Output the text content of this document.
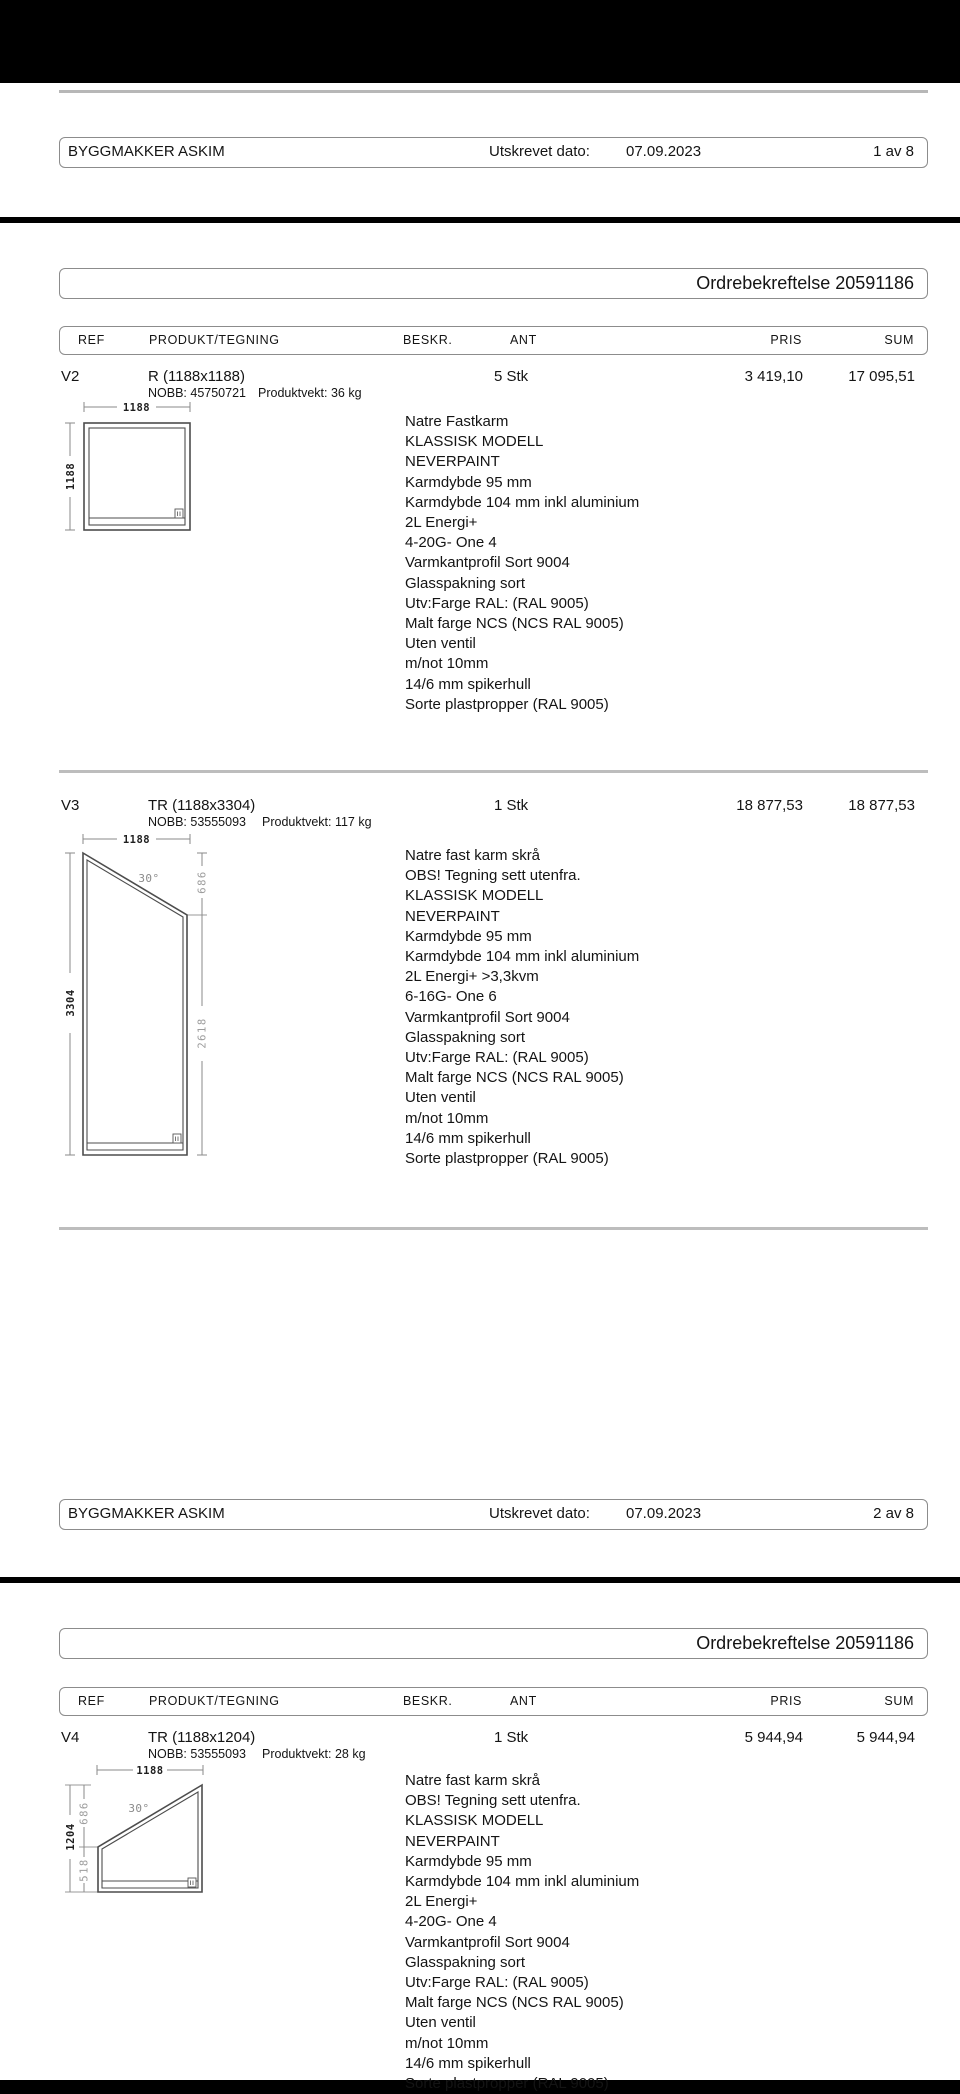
BYGGMAKKER ASKIM	Utskrevet dato: 07.09.2023	1 av 8
Ordrebekreftelse 20591186
REF	PRODUKT/TEGNING	BESKR.	ANT	PRIS	SUM
V2	R (1188x1188)	5 Stk	3 419,10	17 095,51
NOBB: 45750721 Produktvekt: 36 kg
1188
1188
Natre Fastkarm
KLASSISK MODELL
NEVERPAINT
Karmdybde 95 mm
Karmdybde 104 mm inkl aluminium
2L Energi+
4-20G- One 4
Varmkantprofil Sort 9004
Glasspakning sort
Utv:Farge RAL: (RAL 9005)
Malt farge NCS (NCS RAL 9005)
Uten ventil
m/not 10mm
14/6 mm spikerhull
Sorte plastpropper (RAL 9005)
V3	TR (1188x3304)	1 Stk	18 877,53	18 877,53
NOBB: 53555093 Produktvekt: 117 kg
1188
3304
686
2618
30°
Natre fast karm skrå
OBS! Tegning sett utenfra.
KLASSISK MODELL
NEVERPAINT
Karmdybde 95 mm
Karmdybde 104 mm inkl aluminium
2L Energi+ >3,3kvm
6-16G- One 6
Varmkantprofil Sort 9004
Glasspakning sort
Utv:Farge RAL: (RAL 9005)
Malt farge NCS (NCS RAL 9005)
Uten ventil
m/not 10mm
14/6 mm spikerhull
Sorte plastpropper (RAL 9005)
BYGGMAKKER ASKIM	Utskrevet dato: 07.09.2023	2 av 8
Ordrebekreftelse 20591186
REF	PRODUKT/TEGNING	BESKR.	ANT	PRIS	SUM
V4	TR (1188x1204)	1 Stk	5 944,94	5 944,94
NOBB: 53555093 Produktvekt: 28 kg
1188
1204
686
518
30°
Natre fast karm skrå
OBS! Tegning sett utenfra.
KLASSISK MODELL
NEVERPAINT
Karmdybde 95 mm
Karmdybde 104 mm inkl aluminium
2L Energi+
4-20G- One 4
Varmkantprofil Sort 9004
Glasspakning sort
Utv:Farge RAL: (RAL 9005)
Malt farge NCS (NCS RAL 9005)
Uten ventil
m/not 10mm
14/6 mm spikerhull
Sorte plastpropper (RAL 9005)
